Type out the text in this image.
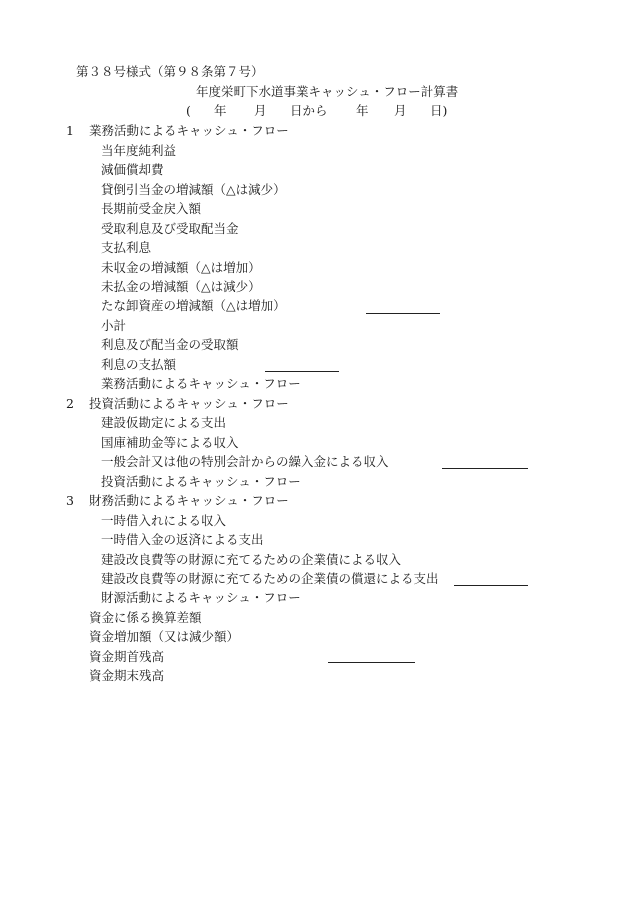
第３８号様式（第９８条第７号）
年度栄町下水道事業キャッシュ・フロー計算書
( 年 月 日から 年 月 日)
1 業務活動によるキャッシュ・フロー
当年度純利益
減価償却費
貸倒引当金の増減額（△は減少）
長期前受金戻入額
受取利息及び受取配当金
支払利息
未収金の増減額（△は増加）
未払金の増減額（△は減少）
たな卸資産の増減額（△は増加）
小計
利息及び配当金の受取額
利息の支払額
業務活動によるキャッシュ・フロー
2 投資活動によるキャッシュ・フロー
建設仮勘定による支出
国庫補助金等による収入
一般会計又は他の特別会計からの繰入金による収入
投資活動によるキャッシュ・フロー
3 財務活動によるキャッシュ・フロー
一時借入れによる収入
一時借入金の返済による支出
建設改良費等の財源に充てるための企業債による収入
建設改良費等の財源に充てるための企業債の償還による支出
財源活動によるキャッシュ・フロー
資金に係る換算差額
資金増加額（又は減少額）
資金期首残高
資金期末残高
